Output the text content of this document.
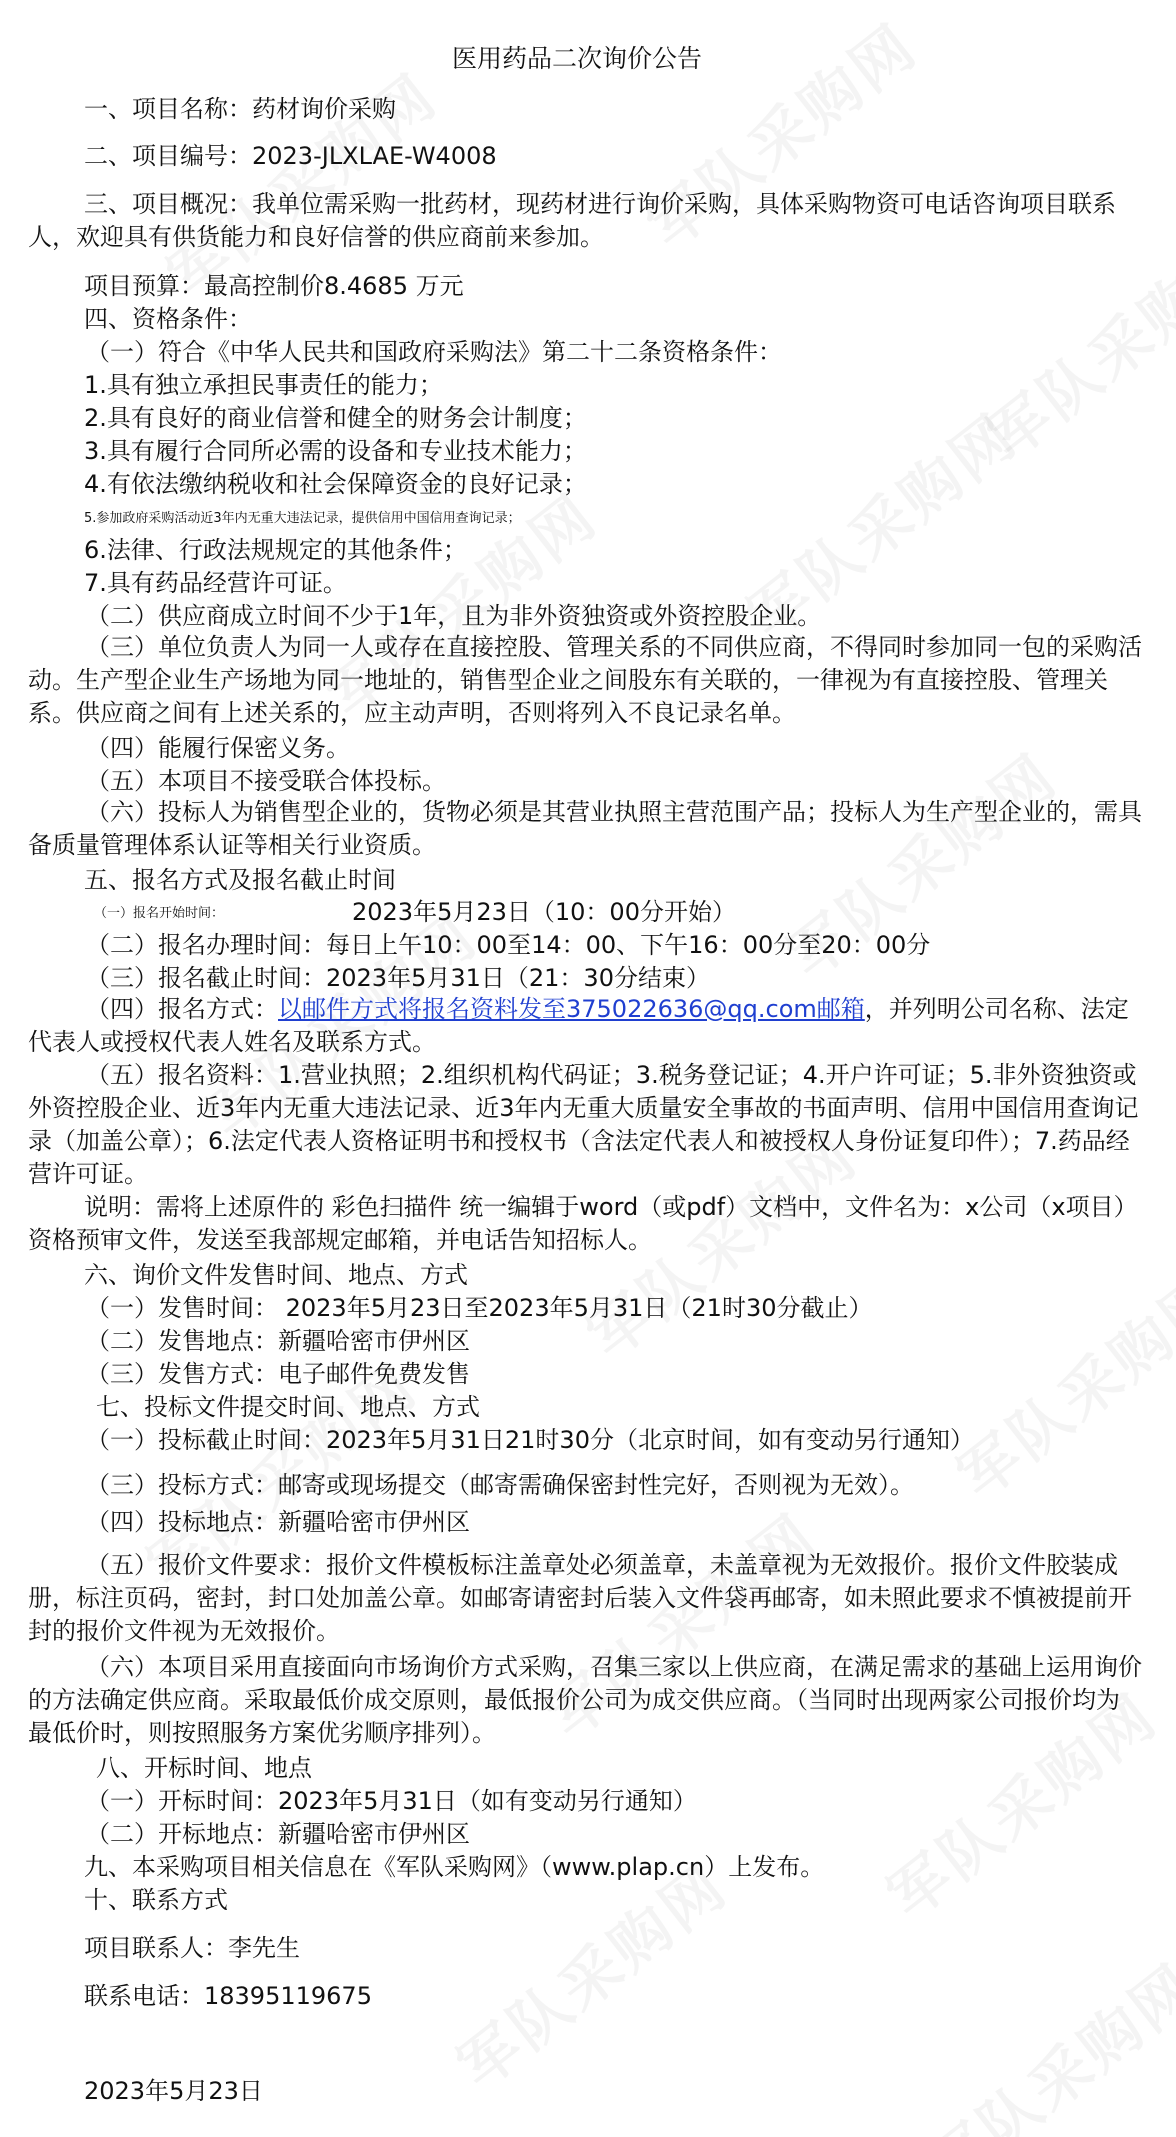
医用药品二次询价公告

一、项目名称：药材询价采购

二、项目编号：2023-JLXLAE-W4008

三、项目概况：我单位需采购一批药材，现药材进行询价采购，具体采购物资可电话咨询项目联系人，欢迎具有供货能力和良好信誉的供应商前来参加。

项目预算：最高控制价8.4685 万元

四、资格条件：

（一）符合《中华人民共和国政府采购法》第二十二条资格条件：

1.具有独立承担民事责任的能力；

2.具有良好的商业信誉和健全的财务会计制度；

3.具有履行合同所必需的设备和专业技术能力；

4.有依法缴纳税收和社会保障资金的良好记录；

5.参加政府采购活动近3年内无重大违法记录，提供信用中国信用查询记录；

6.法律、行政法规规定的其他条件；

7.具有药品经营许可证。

（二）供应商成立时间不少于1年，且为非外资独资或外资控股企业。

（三）单位负责人为同一人或存在直接控股、管理关系的不同供应商，不得同时参加同一包的采购活动。生产型企业生产场地为同一地址的，销售型企业之间股东有关联的，一律视为有直接控股、管理关系。供应商之间有上述关系的，应主动声明，否则将列入不良记录名单。

（四）能履行保密义务。

（五）本项目不接受联合体投标。

（六）投标人为销售型企业的，货物必须是其营业执照主营范围产品；投标人为生产型企业的，需具备质量管理体系认证等相关行业资质。

五、报名方式及报名截止时间

（一）报名开始时间：	2023年5月23日（10：00分开始）

（二）报名办理时间：每日上午10：00至14：00、下午16：00分至20：00分

（三）报名截止时间：2023年5月31日（21：30分结束）

（四）报名方式：以邮件方式将报名资料发至375022636@qq.com邮箱，并列明公司名称、法定代表人或授权代表人姓名及联系方式。

（五）报名资料：1.营业执照；2.组织机构代码证；3.税务登记证；4.开户许可证；5.非外资独资或外资控股企业、近3年内无重大违法记录、近3年内无重大质量安全事故的书面声明、信用中国信用查询记录（加盖公章）；6.法定代表人资格证明书和授权书（含法定代表人和被授权人身份证复印件）；7.药品经营许可证。

说明：需将上述原件的 彩色扫描件 统一编辑于word（或pdf）文档中，文件名为：x公司（x项目）资格预审文件，发送至我部规定邮箱，并电话告知招标人。

六、询价文件发售时间、地点、方式

（一）发售时间： 2023年5月23日至2023年5月31日（21时30分截止）

（二）发售地点：新疆哈密市伊州区

（三）发售方式：电子邮件免费发售

七、投标文件提交时间、地点、方式

（一）投标截止时间：2023年5月31日21时30分（北京时间，如有变动另行通知）

（三）投标方式：邮寄或现场提交（邮寄需确保密封性完好，否则视为无效）。

（四）投标地点：新疆哈密市伊州区

（五）报价文件要求：报价文件模板标注盖章处必须盖章，未盖章视为无效报价。报价文件胶装成册，标注页码，密封，封口处加盖公章。如邮寄请密封后装入文件袋再邮寄，如未照此要求不慎被提前开封的报价文件视为无效报价。

（六）本项目采用直接面向市场询价方式采购，召集三家以上供应商，在满足需求的基础上运用询价的方法确定供应商。采取最低价成交原则，最低报价公司为成交供应商。（当同时出现两家公司报价均为最低价时，则按照服务方案优劣顺序排列）。

八、开标时间、地点

（一）开标时间：2023年5月31日（如有变动另行通知）

（二）开标地点：新疆哈密市伊州区

九、本采购项目相关信息在《军队采购网》（www.plap.cn）上发布。

十、联系方式

项目联系人：李先生

联系电话：18395119675

2023年5月23日
